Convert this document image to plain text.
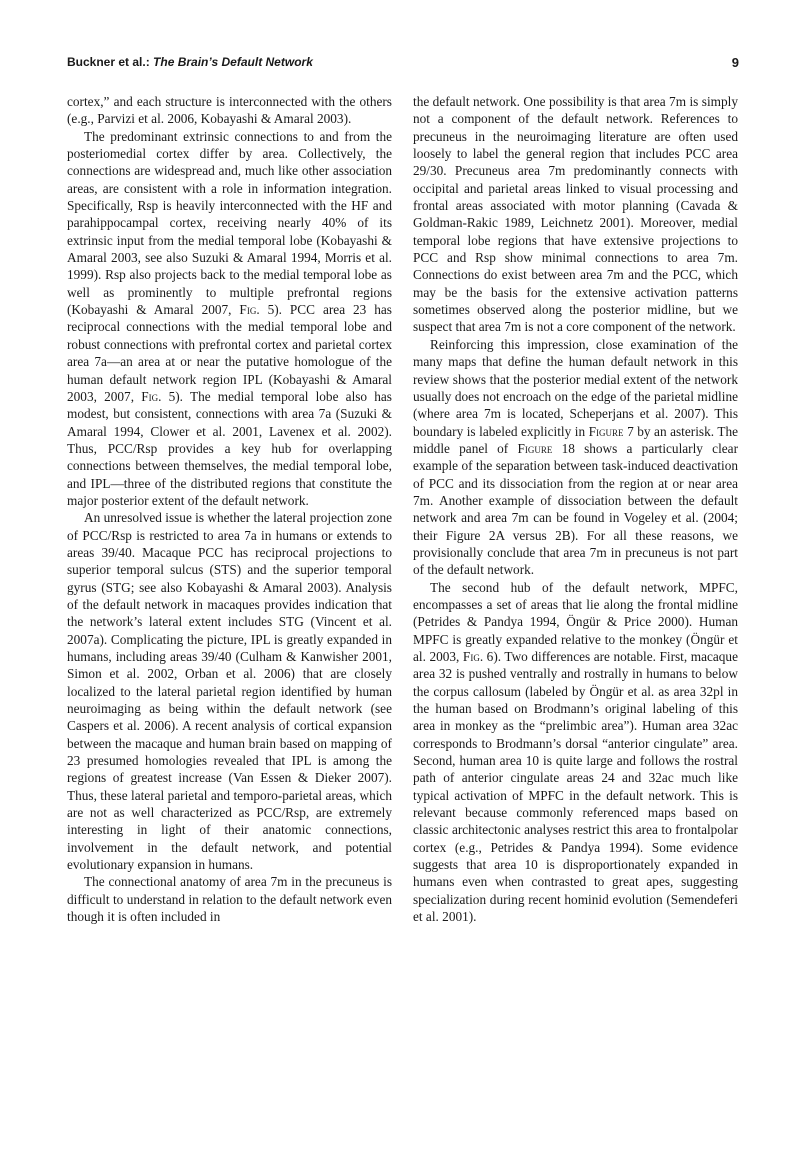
Buckner et al.: The Brain’s Default Network	9

cortex,” and each structure is interconnected with the others (e.g., Parvizi et al. 2006, Kobayashi & Amaral 2003).

The predominant extrinsic connections to and from the posteriomedial cortex differ by area. Collectively, the connections are widespread and, much like other association areas, are consistent with a role in information integration. Specifically, Rsp is heavily interconnected with the HF and parahippocampal cortex, receiving nearly 40% of its extrinsic input from the medial temporal lobe (Kobayashi & Amaral 2003, see also Suzuki & Amaral 1994, Morris et al. 1999). Rsp also projects back to the medial temporal lobe as well as prominently to multiple prefrontal regions (Kobayashi & Amaral 2007, Fig. 5). PCC area 23 has reciprocal connections with the medial temporal lobe and robust connections with prefrontal cortex and parietal cortex area 7a—an area at or near the putative homologue of the human default network region IPL (Kobayashi & Amaral 2003, 2007, Fig. 5). The medial temporal lobe also has modest, but consistent, connections with area 7a (Suzuki & Amaral 1994, Clower et al. 2001, Lavenex et al. 2002). Thus, PCC/Rsp provides a key hub for overlapping connections between themselves, the medial temporal lobe, and IPL—three of the distributed regions that constitute the major posterior extent of the default network.

An unresolved issue is whether the lateral projection zone of PCC/Rsp is restricted to area 7a in humans or extends to areas 39/40. Macaque PCC has reciprocal projections to superior temporal sulcus (STS) and the superior temporal gyrus (STG; see also Kobayashi & Amaral 2003). Analysis of the default network in macaques provides indication that the network’s lateral extent includes STG (Vincent et al. 2007a). Complicating the picture, IPL is greatly expanded in humans, including areas 39/40 (Culham & Kanwisher 2001, Simon et al. 2002, Orban et al. 2006) that are closely localized to the lateral parietal region identified by human neuroimaging as being within the default network (see Caspers et al. 2006). A recent analysis of cortical expansion between the macaque and human brain based on mapping of 23 presumed homologies revealed that IPL is among the regions of greatest increase (Van Essen & Dieker 2007). Thus, these lateral parietal and temporo-parietal areas, which are not as well characterized as PCC/Rsp, are extremely interesting in light of their anatomic connections, involvement in the default network, and potential evolutionary expansion in humans.

The connectional anatomy of area 7m in the precuneus is difficult to understand in relation to the default network even though it is often included in

the default network. One possibility is that area 7m is simply not a component of the default network. References to precuneus in the neuroimaging literature are often used loosely to label the general region that includes PCC area 29/30. Precuneus area 7m predominantly connects with occipital and parietal areas linked to visual processing and frontal areas associated with motor planning (Cavada & Goldman-Rakic 1989, Leichnetz 2001). Moreover, medial temporal lobe regions that have extensive projections to PCC and Rsp show minimal connections to area 7m. Connections do exist between area 7m and the PCC, which may be the basis for the extensive activation patterns sometimes observed along the posterior midline, but we suspect that area 7m is not a core component of the network.

Reinforcing this impression, close examination of the many maps that define the human default network in this review shows that the posterior medial extent of the network usually does not encroach on the edge of the parietal midline (where area 7m is located, Scheperjans et al. 2007). This boundary is labeled explicitly in Figure 7 by an asterisk. The middle panel of Figure 18 shows a particularly clear example of the separation between task-induced deactivation of PCC and its dissociation from the region at or near area 7m. Another example of dissociation between the default network and area 7m can be found in Vogeley et al. (2004; their Figure 2A versus 2B). For all these reasons, we provisionally conclude that area 7m in precuneus is not part of the default network.

The second hub of the default network, MPFC, encompasses a set of areas that lie along the frontal midline (Petrides & Pandya 1994, Öngür & Price 2000). Human MPFC is greatly expanded relative to the monkey (Öngür et al. 2003, Fig. 6). Two differences are notable. First, macaque area 32 is pushed ventrally and rostrally in humans to below the corpus callosum (labeled by Öngür et al. as area 32pl in the human based on Brodmann’s original labeling of this area in monkey as the “prelimbic area”). Human area 32ac corresponds to Brodmann’s dorsal “anterior cingulate” area. Second, human area 10 is quite large and follows the rostral path of anterior cingulate areas 24 and 32ac much like typical activation of MPFC in the default network. This is relevant because commonly referenced maps based on classic architectonic analyses restrict this area to frontalpolar cortex (e.g., Petrides & Pandya 1994). Some evidence suggests that area 10 is disproportionately expanded in humans even when contrasted to great apes, suggesting specialization during recent hominid evolution (Semendeferi et al. 2001).
